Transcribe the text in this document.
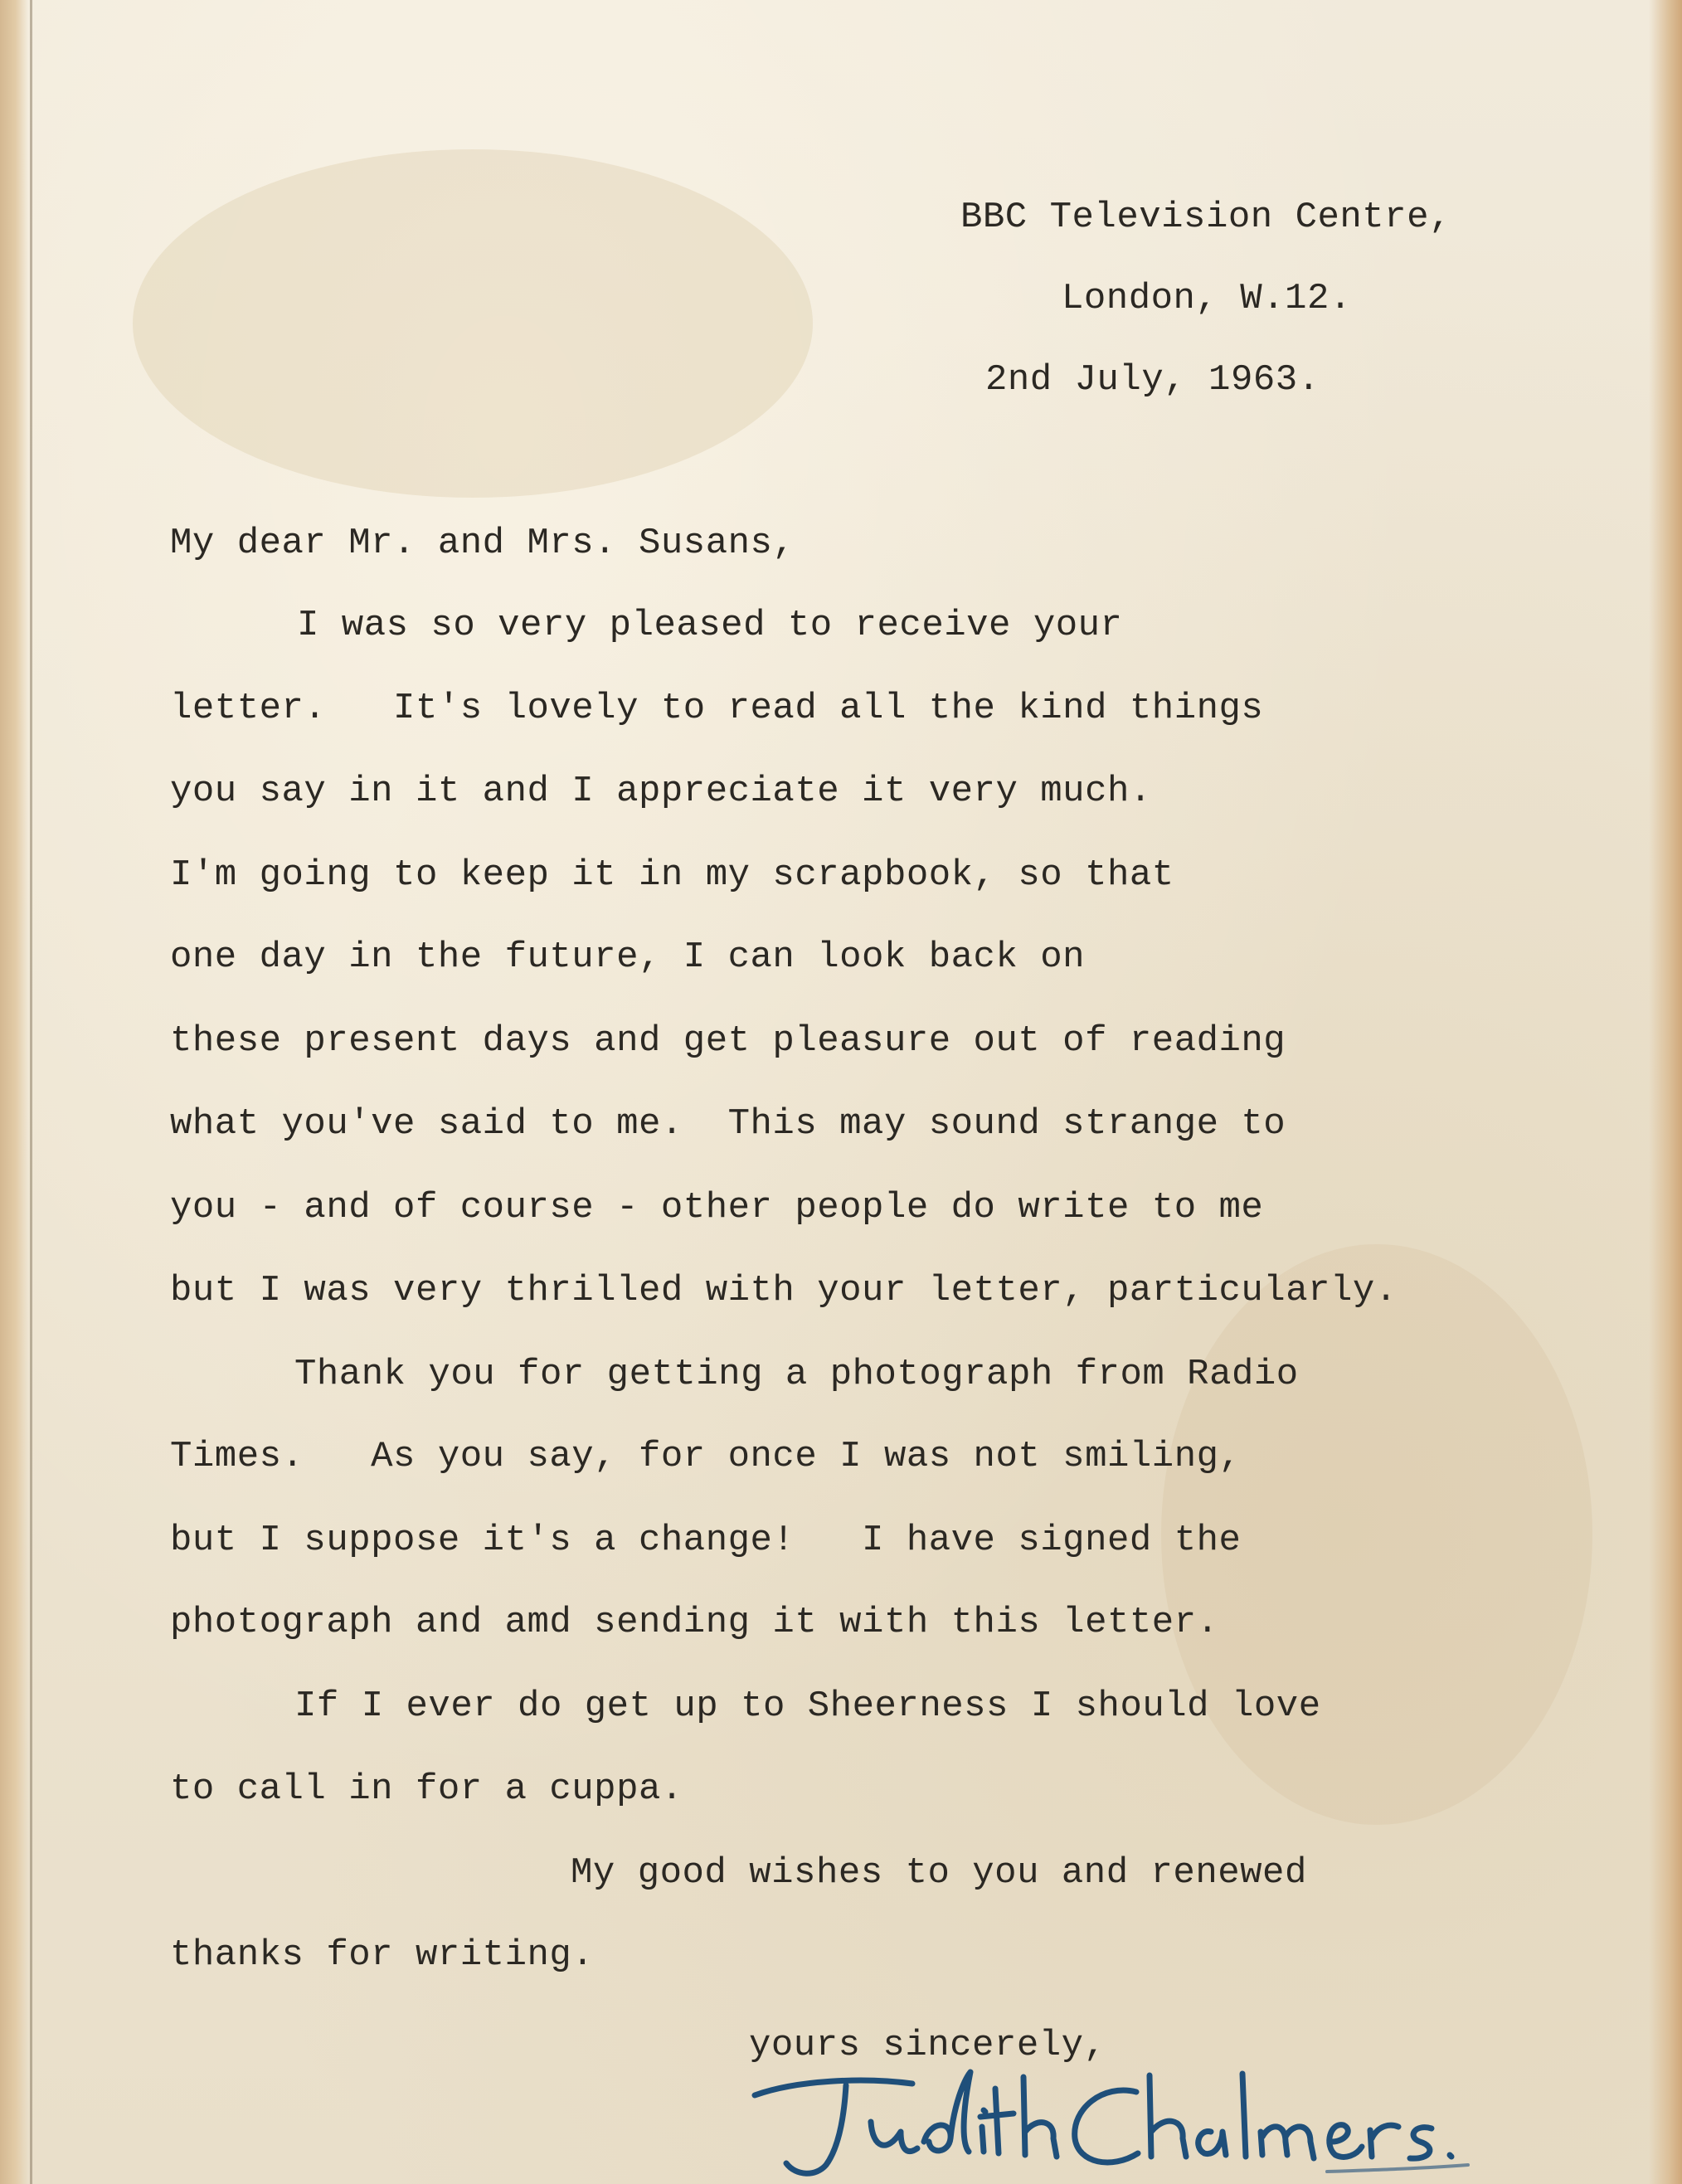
BBC Television Centre,

London, W.12.

2nd July, 1963.

My dear Mr. and Mrs. Susans,

I was so very pleased to receive your

letter.   It's lovely to read all the kind things

you say in it and I appreciate it very much.

I'm going to keep it in my scrapbook, so that

one day in the future, I can look back on

these present days and get pleasure out of reading

what you've said to me.  This may sound strange to

you - and of course - other people do write to me

but I was very thrilled with your letter, particularly.

Thank you for getting a photograph from Radio

Times.   As you say, for once I was not smiling,

but I suppose it's a change!   I have signed the

photograph and amd sending it with this letter.

If I ever do get up to Sheerness I should love

to call in for a cuppa.

My good wishes to you and renewed

thanks for writing.

yours sincerely,
